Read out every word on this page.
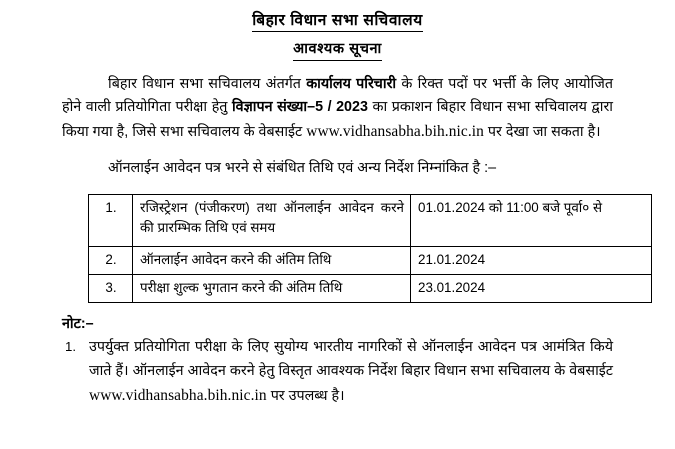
बिहार विधान सभा सचिवालय
आवश्यक सूचना

बिहार विधान सभा सचिवालय अंतर्गत कार्यालय परिचारी के रिक्त पदों पर भर्त्ती के लिए आयोजित होने वाली प्रतियोगिता परीक्षा हेतु विज्ञापन संख्या–5 / 2023 का प्रकाशन बिहार विधान सभा सचिवालय द्वारा किया गया है, जिसे सभा सचिवालय के वेबसाईट www.vidhansabha.bih.nic.in पर देखा जा सकता है।

ऑनलाईन आवेदन पत्र भरने से संबंधित तिथि एवं अन्य निर्देश निम्नांकित है :–

1.	रजिस्ट्रेशन (पंजीकरण) तथा ऑनलाईन आवेदन करने की प्रारम्भिक तिथि एवं समय	01.01.2024 को 11:00 बजे पूर्वा० से
2.	ऑनलाईन आवेदन करने की अंतिम तिथि	21.01.2024
3.	परीक्षा शुल्क भुगतान करने की अंतिम तिथि	23.01.2024
नोट:–
उपर्युक्त प्रतियोगिता परीक्षा के लिए सुयोग्य भारतीय नागरिकों से ऑनलाईन आवेदन पत्र आमंत्रित किये जाते हैं। ऑनलाईन आवेदन करने हेतु विस्तृत आवश्यक निर्देश बिहार विधान सभा सचिवालय के वेबसाईट www.vidhansabha.bih.nic.in पर उपलब्ध है।
